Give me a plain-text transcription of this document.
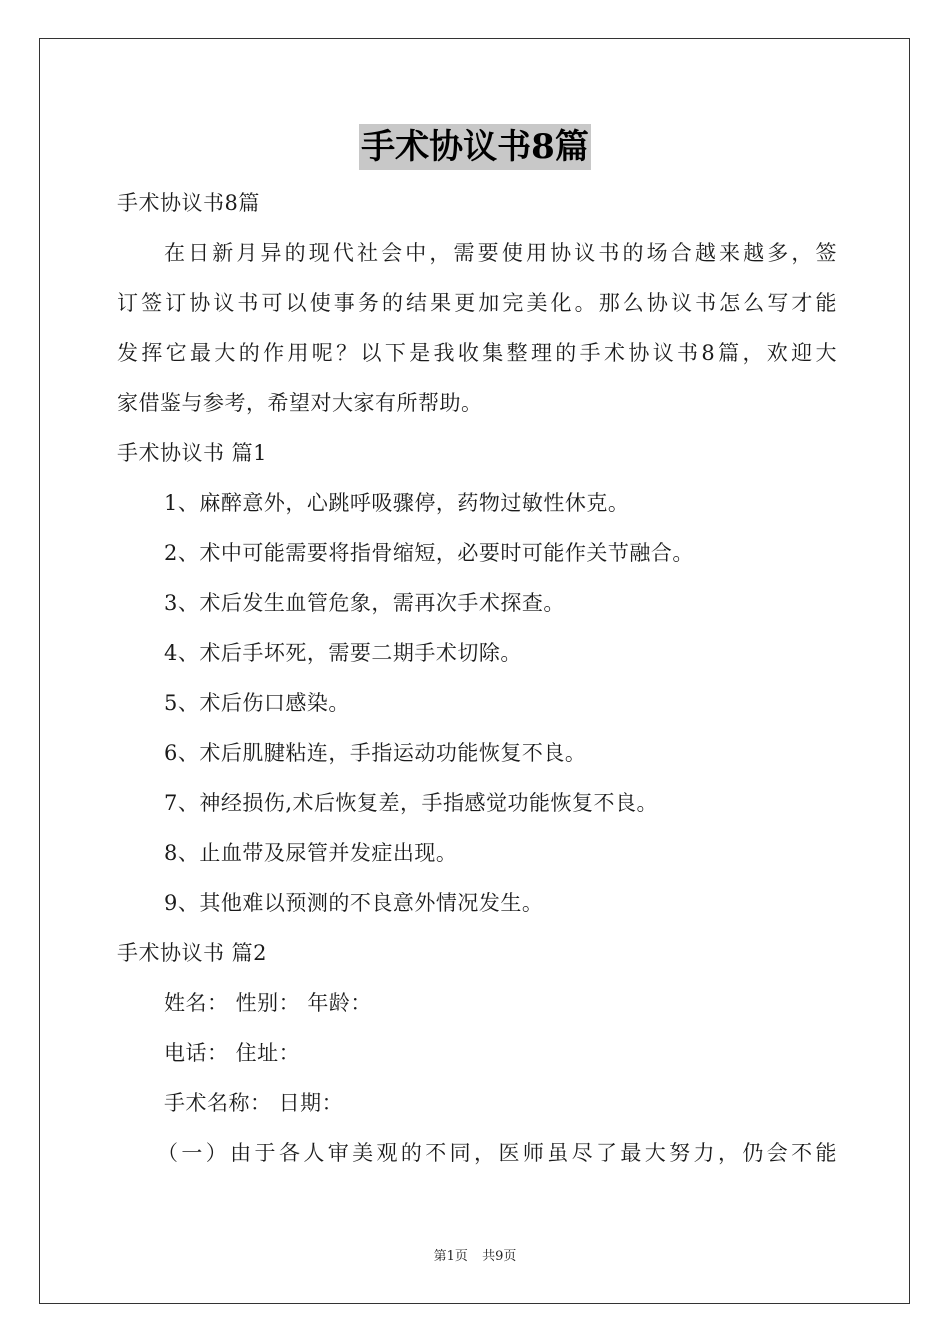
手术协议书8篇
手术协议书8篇
在日新月异的现代社会中，需要使用协议书的场合越来越多，签
订签订协议书可以使事务的结果更加完美化。那么协议书怎么写才能
发挥它最大的作用呢？以下是我收集整理的手术协议书8篇，欢迎大
家借鉴与参考，希望对大家有所帮助。
手术协议书 篇1
1、麻醉意外，心跳呼吸骤停，药物过敏性休克。
2、术中可能需要将指骨缩短，必要时可能作关节融合。
3、术后发生血管危象，需再次手术探查。
4、术后手坏死，需要二期手术切除。
5、术后伤口感染。
6、术后肌腱粘连，手指运动功能恢复不良。
7、神经损伤,术后恢复差，手指感觉功能恢复不良。
8、止血带及尿管并发症出现。
9、其他难以预测的不良意外情况发生。
手术协议书 篇2
姓名： 性别： 年龄：
电话： 住址：
手术名称： 日期：
（一）由于各人审美观的不同，医师虽尽了最大努力，仍会不能
第1页 共9页
